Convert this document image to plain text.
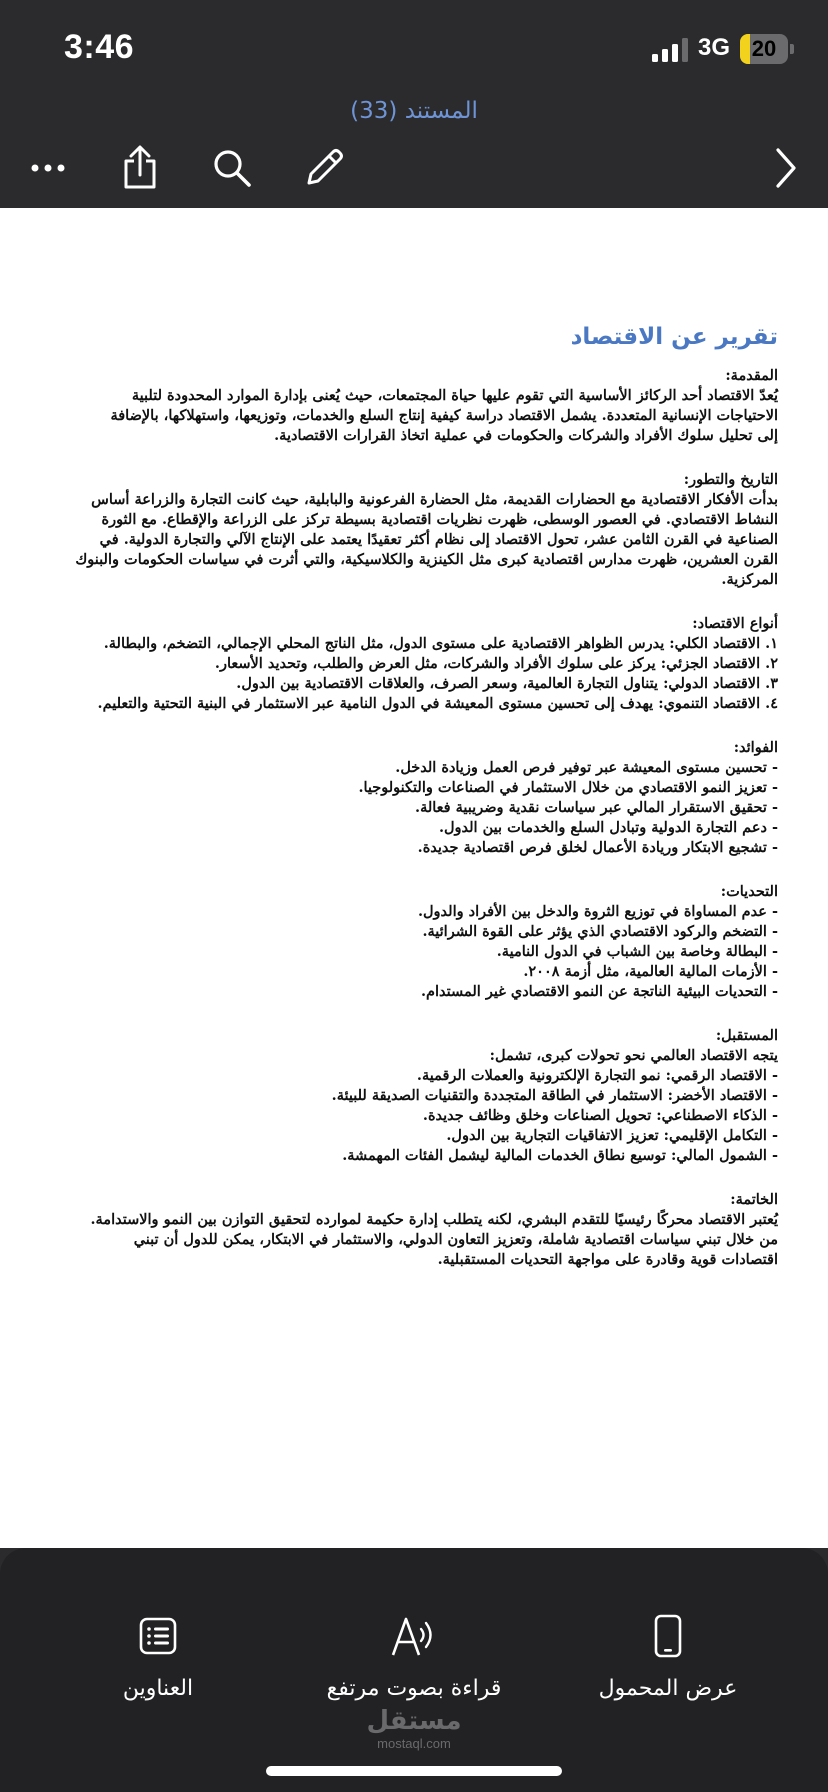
3:46	3G 20
المستند (33)
تقرير عن الاقتصاد
المقدمة:
يُعدّ الاقتصاد أحد الركائز الأساسية التي تقوم عليها حياة المجتمعات، حيث يُعنى بإدارة الموارد المحدودة لتلبية
الاحتياجات الإنسانية المتعددة. يشمل الاقتصاد دراسة كيفية إنتاج السلع والخدمات، وتوزيعها، واستهلاكها، بالإضافة
إلى تحليل سلوك الأفراد والشركات والحكومات في عملية اتخاذ القرارات الاقتصادية.
التاريخ والتطور:
بدأت الأفكار الاقتصادية مع الحضارات القديمة، مثل الحضارة الفرعونية والبابلية، حيث كانت التجارة والزراعة أساس
النشاط الاقتصادي. في العصور الوسطى، ظهرت نظريات اقتصادية بسيطة تركز على الزراعة والإقطاع. مع الثورة
الصناعية في القرن الثامن عشر، تحول الاقتصاد إلى نظام أكثر تعقيدًا يعتمد على الإنتاج الآلي والتجارة الدولية. في
القرن العشرين، ظهرت مدارس اقتصادية كبرى مثل الكينزية والكلاسيكية، والتي أثرت في سياسات الحكومات والبنوك
المركزية.
أنواع الاقتصاد:
١. الاقتصاد الكلي: يدرس الظواهر الاقتصادية على مستوى الدول، مثل الناتج المحلي الإجمالي، التضخم، والبطالة.
٢. الاقتصاد الجزئي: يركز على سلوك الأفراد والشركات، مثل العرض والطلب، وتحديد الأسعار.
٣. الاقتصاد الدولي: يتناول التجارة العالمية، وسعر الصرف، والعلاقات الاقتصادية بين الدول.
٤. الاقتصاد التنموي: يهدف إلى تحسين مستوى المعيشة في الدول النامية عبر الاستثمار في البنية التحتية والتعليم.
الفوائد:
- تحسين مستوى المعيشة عبر توفير فرص العمل وزيادة الدخل.
- تعزيز النمو الاقتصادي من خلال الاستثمار في الصناعات والتكنولوجيا.
- تحقيق الاستقرار المالي عبر سياسات نقدية وضريبية فعالة.
- دعم التجارة الدولية وتبادل السلع والخدمات بين الدول.
- تشجيع الابتكار وريادة الأعمال لخلق فرص اقتصادية جديدة.
التحديات:
- عدم المساواة في توزيع الثروة والدخل بين الأفراد والدول.
- التضخم والركود الاقتصادي الذي يؤثر على القوة الشرائية.
- البطالة وخاصة بين الشباب في الدول النامية.
- الأزمات المالية العالمية، مثل أزمة ٢٠٠٨.
- التحديات البيئية الناتجة عن النمو الاقتصادي غير المستدام.
المستقبل:
يتجه الاقتصاد العالمي نحو تحولات كبرى، تشمل:
- الاقتصاد الرقمي: نمو التجارة الإلكترونية والعملات الرقمية.
- الاقتصاد الأخضر: الاستثمار في الطاقة المتجددة والتقنيات الصديقة للبيئة.
- الذكاء الاصطناعي: تحويل الصناعات وخلق وظائف جديدة.
- التكامل الإقليمي: تعزيز الاتفاقيات التجارية بين الدول.
- الشمول المالي: توسيع نطاق الخدمات المالية ليشمل الفئات المهمشة.
الخاتمة:
يُعتبر الاقتصاد محركًا رئيسيًا للتقدم البشري، لكنه يتطلب إدارة حكيمة لموارده لتحقيق التوازن بين النمو والاستدامة.
من خلال تبني سياسات اقتصادية شاملة، وتعزيز التعاون الدولي، والاستثمار في الابتكار، يمكن للدول أن تبني
اقتصادات قوية وقادرة على مواجهة التحديات المستقبلية.
العناوين	قراءة بصوت مرتفع	عرض المحمول
مستقل
mostaql.com
